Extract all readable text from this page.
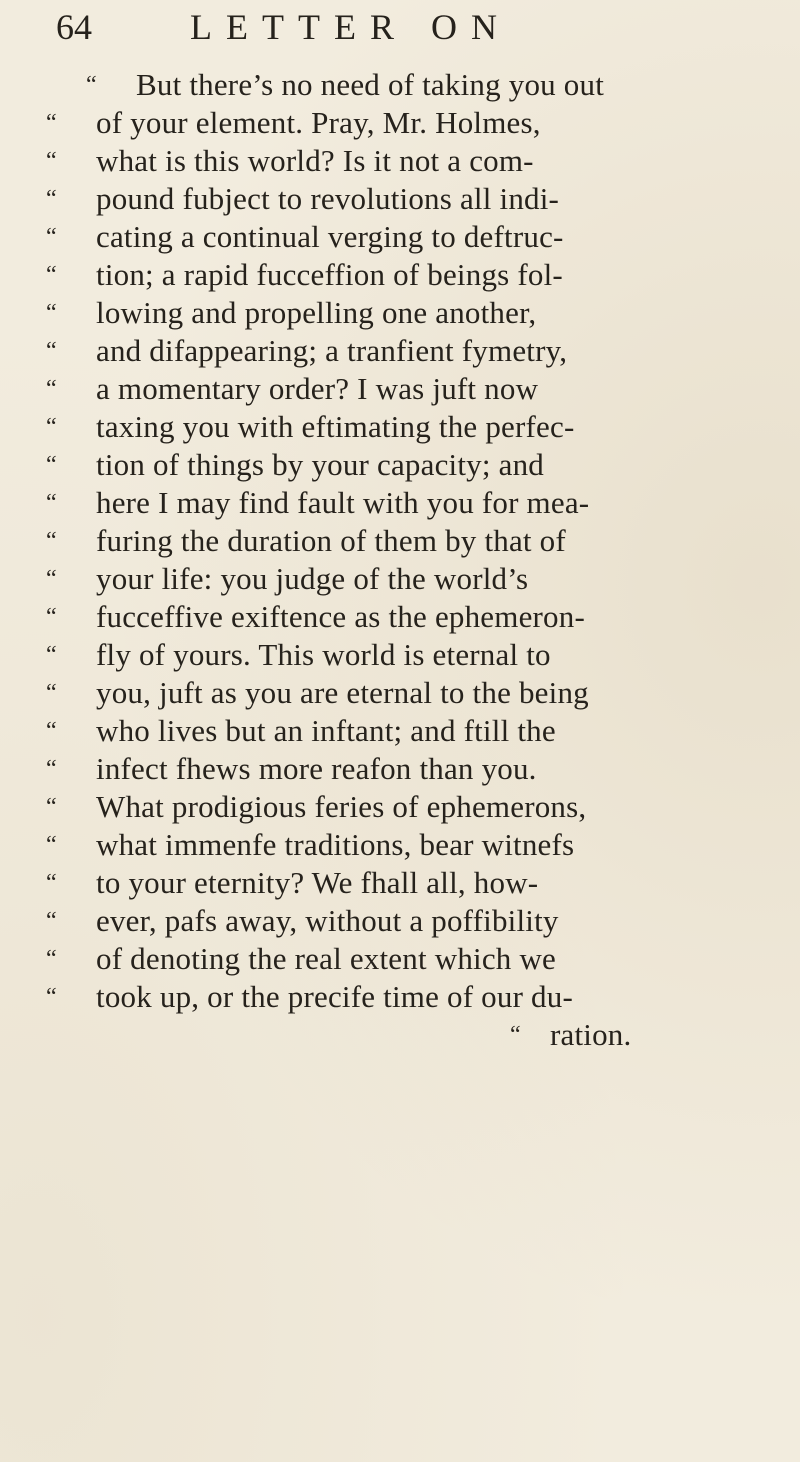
64	LETTER ON
“	But there’s no need of taking you out
“	of your element. Pray, Mr. Holmes,
“	what is this world? Is it not a com-
“	pound fubject to revolutions all indi-
“	cating a continual verging to deftruc-
“	tion; a rapid fucceffion of beings fol-
“	lowing and propelling one another,
“	and difappearing; a tranfient fymetry,
“	a momentary order? I was juft now
“	taxing you with eftimating the perfec-
“	tion of things by your capacity; and
“	here I may find fault with you for mea-
“	furing the duration of them by that of
“	your life: you judge of the world’s
“	fucceffive exiftence as the ephemeron-
“	fly of yours. This world is eternal to
“	you, juft as you are eternal to the being
“	who lives but an inftant; and ftill the
“	infect fhews more reafon than you.
“	What prodigious feries of ephemerons,
“	what immenfe traditions, bear witnefs
“	to your eternity? We fhall all, how-
“	ever, pafs away, without a poffibility
“	of denoting the real extent which we
“	took up, or the precife time of our du-
“ ration.
